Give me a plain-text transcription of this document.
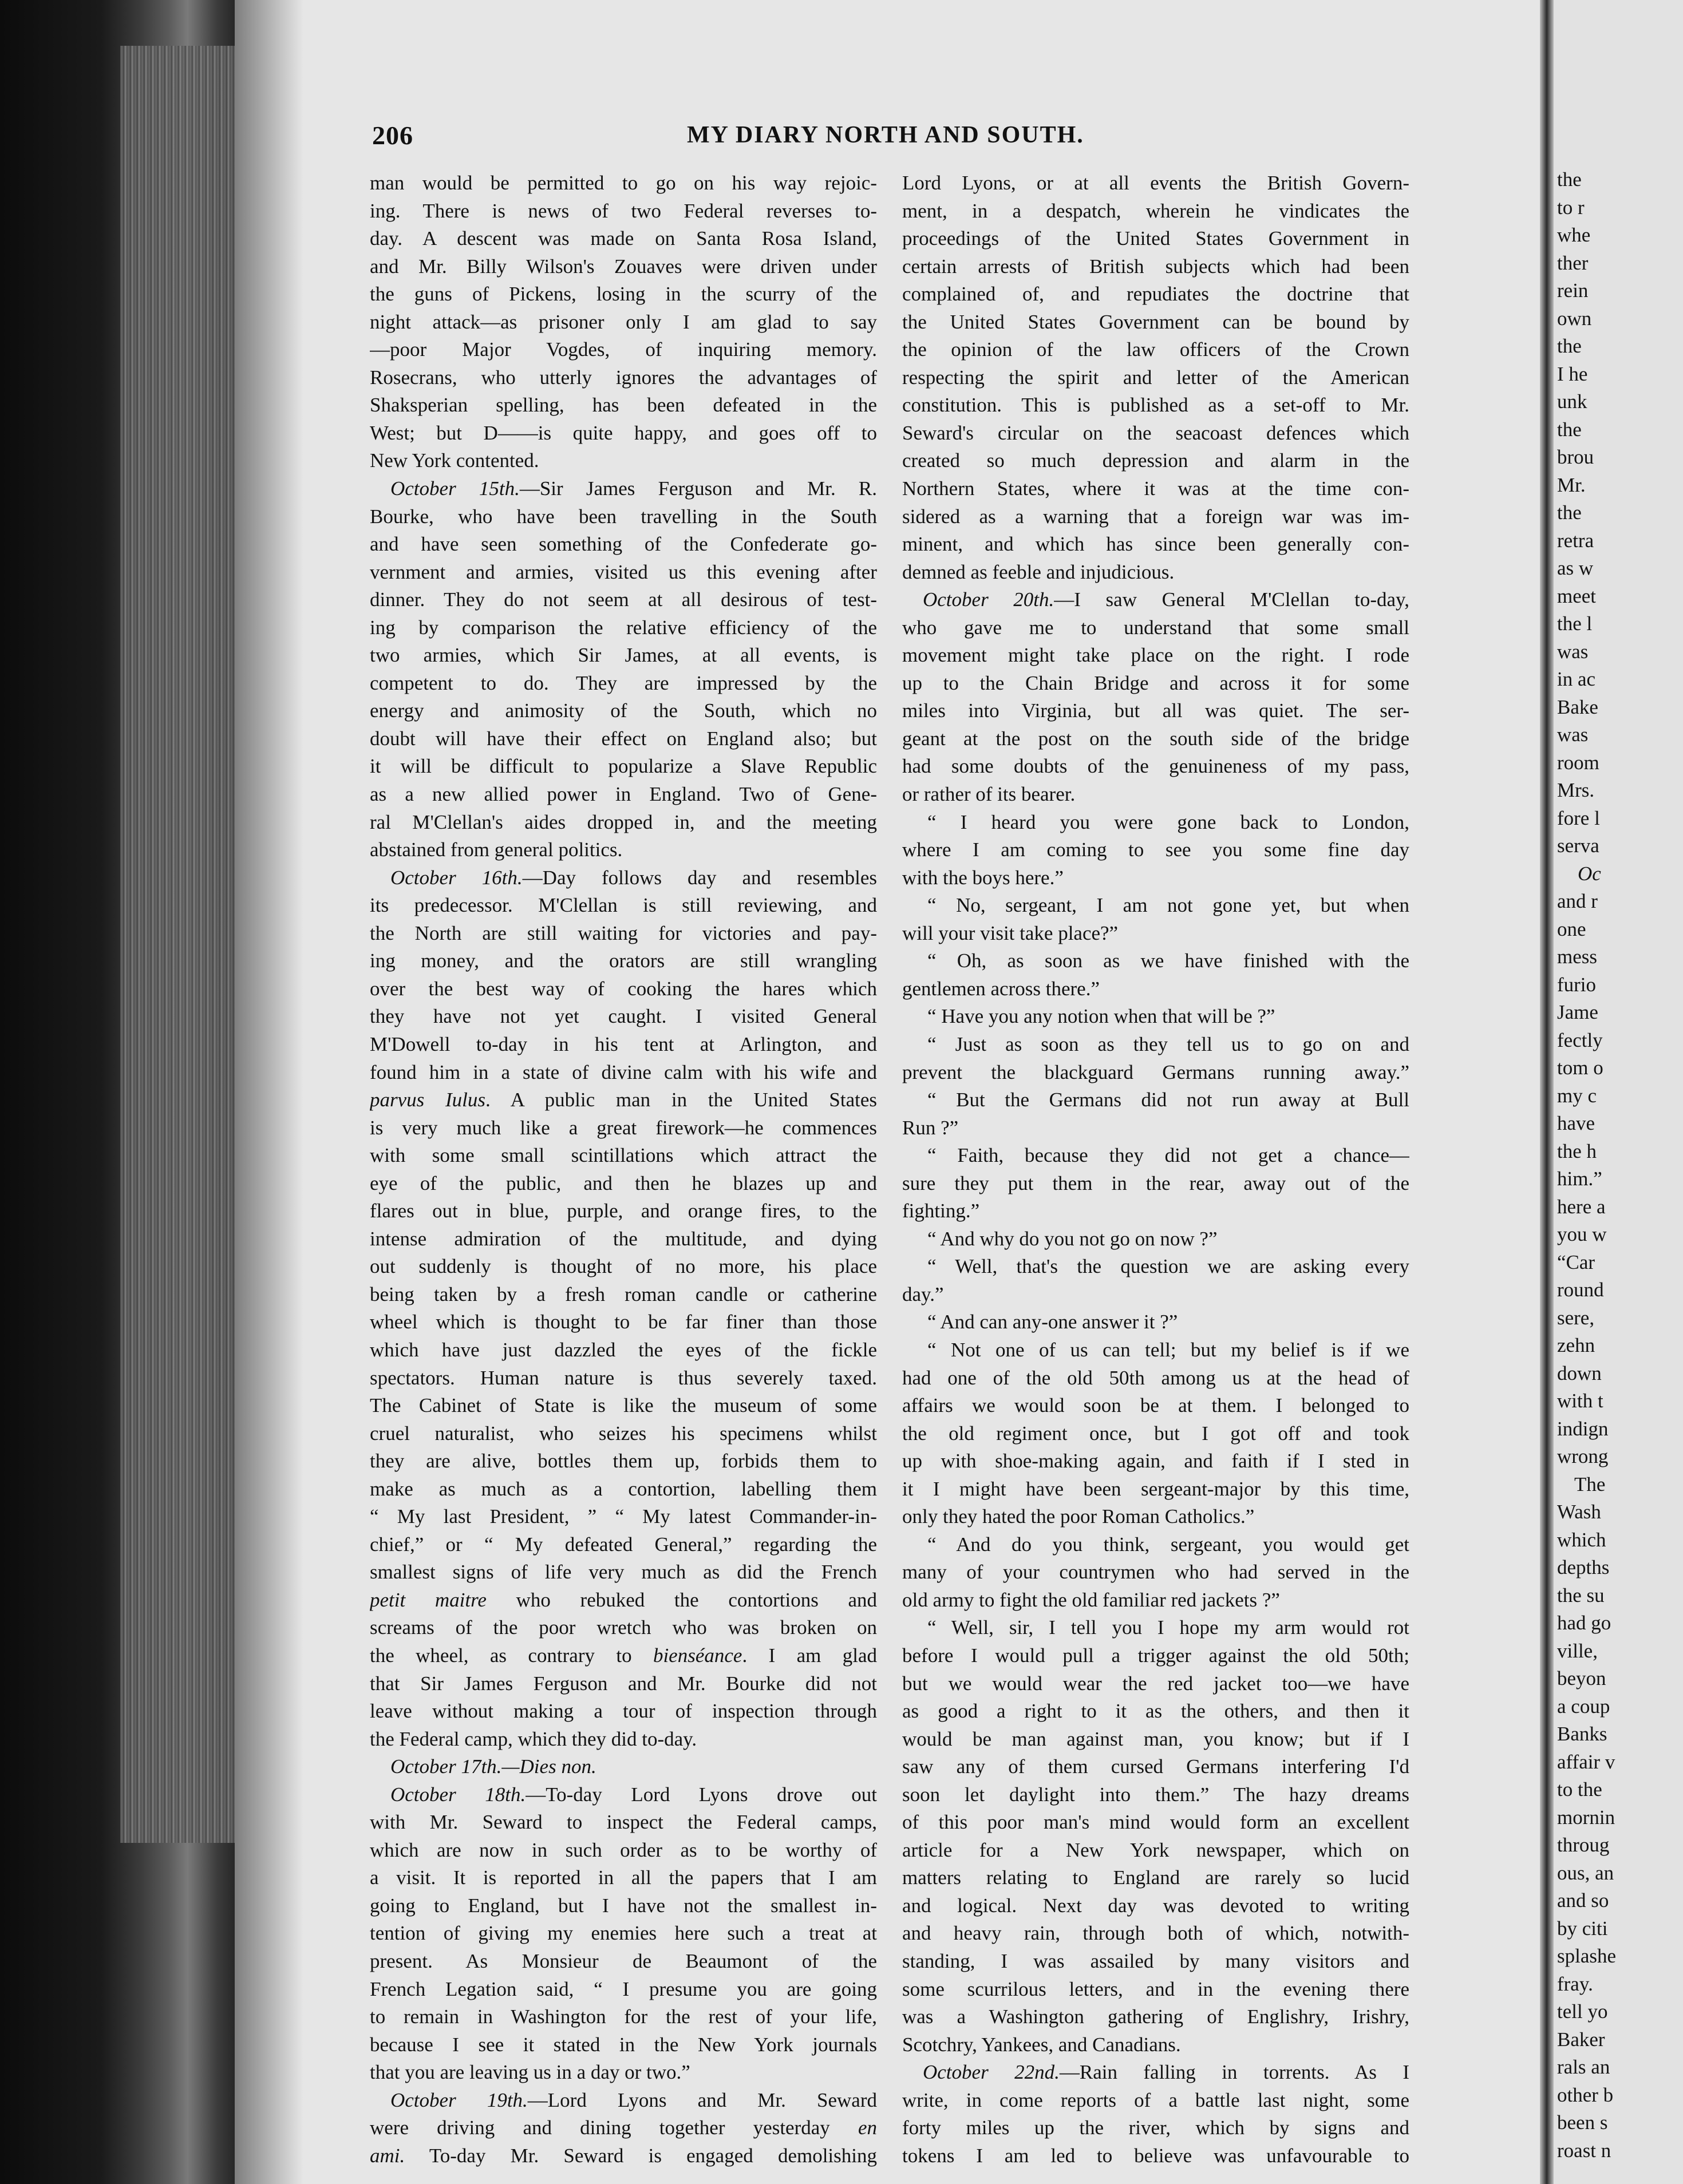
the
to r
whe
ther
rein
own
the
I he
unk
the
brou
Mr.
the
retra
as w
meet
the l
was
in ac
Bake
was
room
Mrs.
fore l
serva
Oc
and r
one
mess
furio
Jame
fectly
tom o
my c
have
the h
him.”
here a
you w
“Car
round
sere,
zehn
down
with t
indign
wrong
The
Wash
which
depths
the su
had go
ville,
beyon
a coup
Banks
affair v
to the
mornin
throug
ous, an
and so
by citi
splashe
fray.
tell yo
Baker
rals an
other b
been s
roast n
206	MY DIARY NORTH AND SOUTH.
man would be permitted to go on his way rejoic-
ing. There is news of two Federal reverses to-
day. A descent was made on Santa Rosa Island,
and Mr. Billy Wilson's Zouaves were driven under
the guns of Pickens, losing in the scurry of the
night attack—as prisoner only I am glad to say
—poor Major Vogdes, of inquiring memory.
Rosecrans, who utterly ignores the advantages of
Shaksperian spelling, has been defeated in the
West; but D——is quite happy, and goes off to
New York contented.
October 15th.—Sir James Ferguson and Mr. R.
Bourke, who have been travelling in the South
and have seen something of the Confederate go-
vernment and armies, visited us this evening after
dinner. They do not seem at all desirous of test-
ing by comparison the relative efficiency of the
two armies, which Sir James, at all events, is
competent to do. They are impressed by the
energy and animosity of the South, which no
doubt will have their effect on England also; but
it will be difficult to popularize a Slave Republic
as a new allied power in England. Two of Gene-
ral M'Clellan's aides dropped in, and the meeting
abstained from general politics.
October 16th.—Day follows day and resembles
its predecessor. M'Clellan is still reviewing, and
the North are still waiting for victories and pay-
ing money, and the orators are still wrangling
over the best way of cooking the hares which
they have not yet caught. I visited General
M'Dowell to-day in his tent at Arlington, and
found him in a state of divine calm with his wife and
parvus Iulus. A public man in the United States
is very much like a great firework—he commences
with some small scintillations which attract the
eye of the public, and then he blazes up and
flares out in blue, purple, and orange fires, to the
intense admiration of the multitude, and dying
out suddenly is thought of no more, his place
being taken by a fresh roman candle or catherine
wheel which is thought to be far finer than those
which have just dazzled the eyes of the fickle
spectators. Human nature is thus severely taxed.
The Cabinet of State is like the museum of some
cruel naturalist, who seizes his specimens whilst
they are alive, bottles them up, forbids them to
make as much as a contortion, labelling them
“ My last President, ” “ My latest Commander-in-
chief,” or “ My defeated General,” regarding the
smallest signs of life very much as did the French
petit maitre who rebuked the contortions and
screams of the poor wretch who was broken on
the wheel, as contrary to bienséance. I am glad
that Sir James Ferguson and Mr. Bourke did not
leave without making a tour of inspection through
the Federal camp, which they did to-day.
October 17th.—Dies non.
October 18th.—To-day Lord Lyons drove out
with Mr. Seward to inspect the Federal camps,
which are now in such order as to be worthy of
a visit. It is reported in all the papers that I am
going to England, but I have not the smallest in-
tention of giving my enemies here such a treat at
present. As Monsieur de Beaumont of the
French Legation said, “ I presume you are going
to remain in Washington for the rest of your life,
because I see it stated in the New York journals
that you are leaving us in a day or two.”
October 19th.—Lord Lyons and Mr. Seward
were driving and dining together yesterday en
ami. To-day Mr. Seward is engaged demolishing
Lord Lyons, or at all events the British Govern-
ment, in a despatch, wherein he vindicates the
proceedings of the United States Government in
certain arrests of British subjects which had been
complained of, and repudiates the doctrine that
the United States Government can be bound by
the opinion of the law officers of the Crown
respecting the spirit and letter of the American
constitution. This is published as a set-off to Mr.
Seward's circular on the seacoast defences which
created so much depression and alarm in the
Northern States, where it was at the time con-
sidered as a warning that a foreign war was im-
minent, and which has since been generally con-
demned as feeble and injudicious.
October 20th.—I saw General M'Clellan to-day,
who gave me to understand that some small
movement might take place on the right. I rode
up to the Chain Bridge and across it for some
miles into Virginia, but all was quiet. The ser-
geant at the post on the south side of the bridge
had some doubts of the genuineness of my pass,
or rather of its bearer.
“ I heard you were gone back to London,
where I am coming to see you some fine day
with the boys here.”
“ No, sergeant, I am not gone yet, but when
will your visit take place?”
“ Oh, as soon as we have finished with the
gentlemen across there.”
“ Have you any notion when that will be ?”
“ Just as soon as they tell us to go on and
prevent the blackguard Germans running away.”
“ But the Germans did not run away at Bull
Run ?”
“ Faith, because they did not get a chance—
sure they put them in the rear, away out of the
fighting.”
“ And why do you not go on now ?”
“ Well, that's the question we are asking every
day.”
“ And can any-one answer it ?”
“ Not one of us can tell; but my belief is if we
had one of the old 50th among us at the head of
affairs we would soon be at them. I belonged to
the old regiment once, but I got off and took
up with shoe-making again, and faith if I sted in
it I might have been sergeant-major by this time,
only they hated the poor Roman Catholics.”
“ And do you think, sergeant, you would get
many of your countrymen who had served in the
old army to fight the old familiar red jackets ?”
“ Well, sir, I tell you I hope my arm would rot
before I would pull a trigger against the old 50th;
but we would wear the red jacket too—we have
as good a right to it as the others, and then it
would be man against man, you know; but if I
saw any of them cursed Germans interfering I'd
soon let daylight into them.” The hazy dreams
of this poor man's mind would form an excellent
article for a New York newspaper, which on
matters relating to England are rarely so lucid
and logical. Next day was devoted to writing
and heavy rain, through both of which, notwith-
standing, I was assailed by many visitors and
some scurrilous letters, and in the evening there
was a Washington gathering of Englishry, Irishry,
Scotchry, Yankees, and Canadians.
October 22nd.—Rain falling in torrents. As I
write, in come reports of a battle last night, some
forty miles up the river, which by signs and
tokens I am led to believe was unfavourable to
